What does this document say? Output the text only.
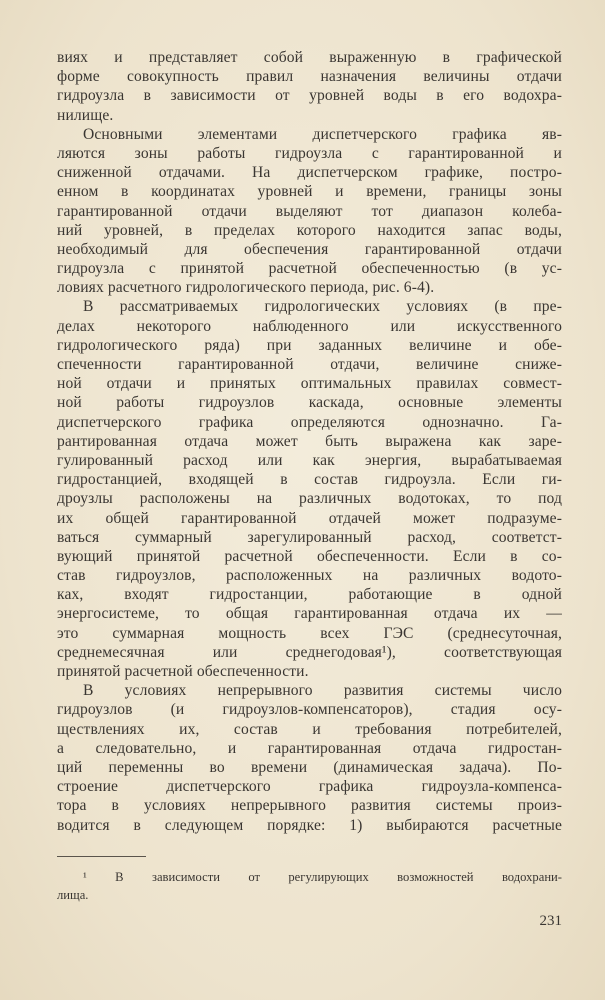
виях и представляет собой выраженную в графической
форме совокупность правил назначения величины отдачи
гидроузла в зависимости от уровней воды в его водохра-
нилище.
Основными элементами диспетчерского графика яв-
ляются зоны работы гидроузла с гарантированной и
сниженной отдачами. На диспетчерском графике, постро-
енном в координатах уровней и времени, границы зоны
гарантированной отдачи выделяют тот диапазон колеба-
ний уровней, в пределах которого находится запас воды,
необходимый для обеспечения гарантированной отдачи
гидроузла с принятой расчетной обеспеченностью (в ус-
ловиях расчетного гидрологического периода, рис. 6-4).
В рассматриваемых гидрологических условиях (в пре-
делах некоторого наблюденного или искусственного
гидрологического ряда) при заданных величине и обе-
спеченности гарантированной отдачи, величине сниже-
ной отдачи и принятых оптимальных правилах совмест-
ной работы гидроузлов каскада, основные элементы
диспетчерского графика определяются однозначно. Га-
рантированная отдача может быть выражена как заре-
гулированный расход или как энергия, вырабатываемая
гидростанцией, входящей в состав гидроузла. Если ги-
дроузлы расположены на различных водотоках, то под
их общей гарантированной отдачей может подразуме-
ваться суммарный зарегулированный расход, соответст-
вующий принятой расчетной обеспеченности. Если в со-
став гидроузлов, расположенных на различных водото-
ках, входят гидростанции, работающие в одной
энергосистеме, то общая гарантированная отдача их —
это суммарная мощность всех ГЭС (среднесуточная,
среднемесячная или среднегодовая¹), соответствующая
принятой расчетной обеспеченности.
В условиях непрерывного развития системы число
гидроузлов (и гидроузлов-компенсаторов), стадия осу-
ществлениях их, состав и требования потребителей,
а следовательно, и гарантированная отдача гидростан-
ций переменны во времени (динамическая задача). По-
строение диспетчерского графика гидроузла-компенса-
тора в условиях непрерывного развития системы произ-
водится в следующем порядке: 1) выбираются расчетные
¹ В зависимости от регулирующих возможностей водохрани-
лища.
231
